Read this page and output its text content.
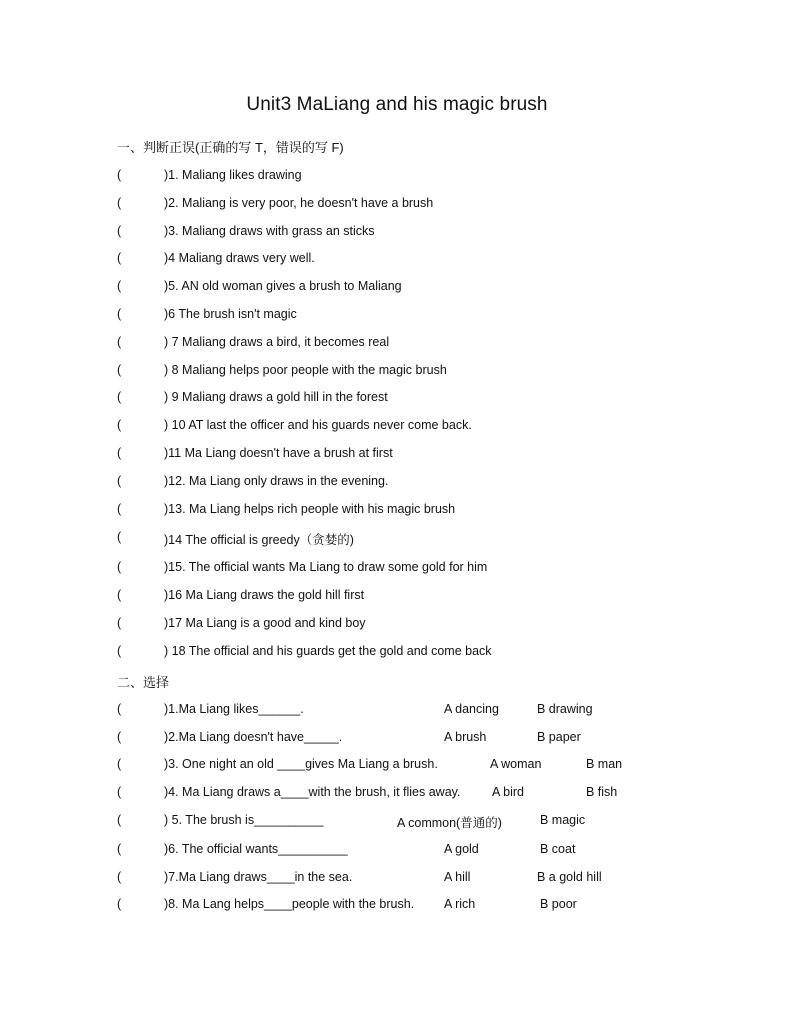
Unit3 MaLiang and his magic brush
一、判断正误(正确的写 T，错误的写 F)
(	)1. Maliang likes drawing
(	)2. Maliang is very poor, he doesn't have a brush
(	)3. Maliang draws with grass an sticks
(	)4 Maliang draws very well.
(	)5. AN old woman gives a brush to Maliang
(	)6 The brush isn't magic
(	) 7 Maliang draws a bird, it becomes real
(	) 8 Maliang helps poor people with the magic brush
(	) 9 Maliang draws a gold hill in the forest
(	) 10 AT last the officer and his guards never come back.
(	)11 Ma Liang doesn't have a brush at first
(	)12. Ma Liang only draws in the evening.
(	)13. Ma Liang helps rich people with his magic brush
(	)14 The official is greedy（贪婪的)
(	)15. The official wants Ma Liang to draw some gold for him
(	)16 Ma Liang draws the gold hill first
(	)17 Ma Liang is a good and kind boy
(	) 18 The official and his guards get the gold and come back
二、选择
(	)1.Ma Liang likes______.	A dancing	B drawing
(	)2.Ma Liang doesn't have_____.	A brush	B paper
(	)3. One night an old ____gives Ma Liang a brush.	A woman	B man
(	)4. Ma Liang draws a____with the brush, it flies away.	A bird	B fish
(	) 5. The brush is__________	A common(普通的)	B magic
(	)6. The official wants__________	A gold	B coat
(	)7.Ma Liang draws____in the sea.	A hill	B a gold hill
(	)8. Ma Lang helps____people with the brush. A rich	B poor
